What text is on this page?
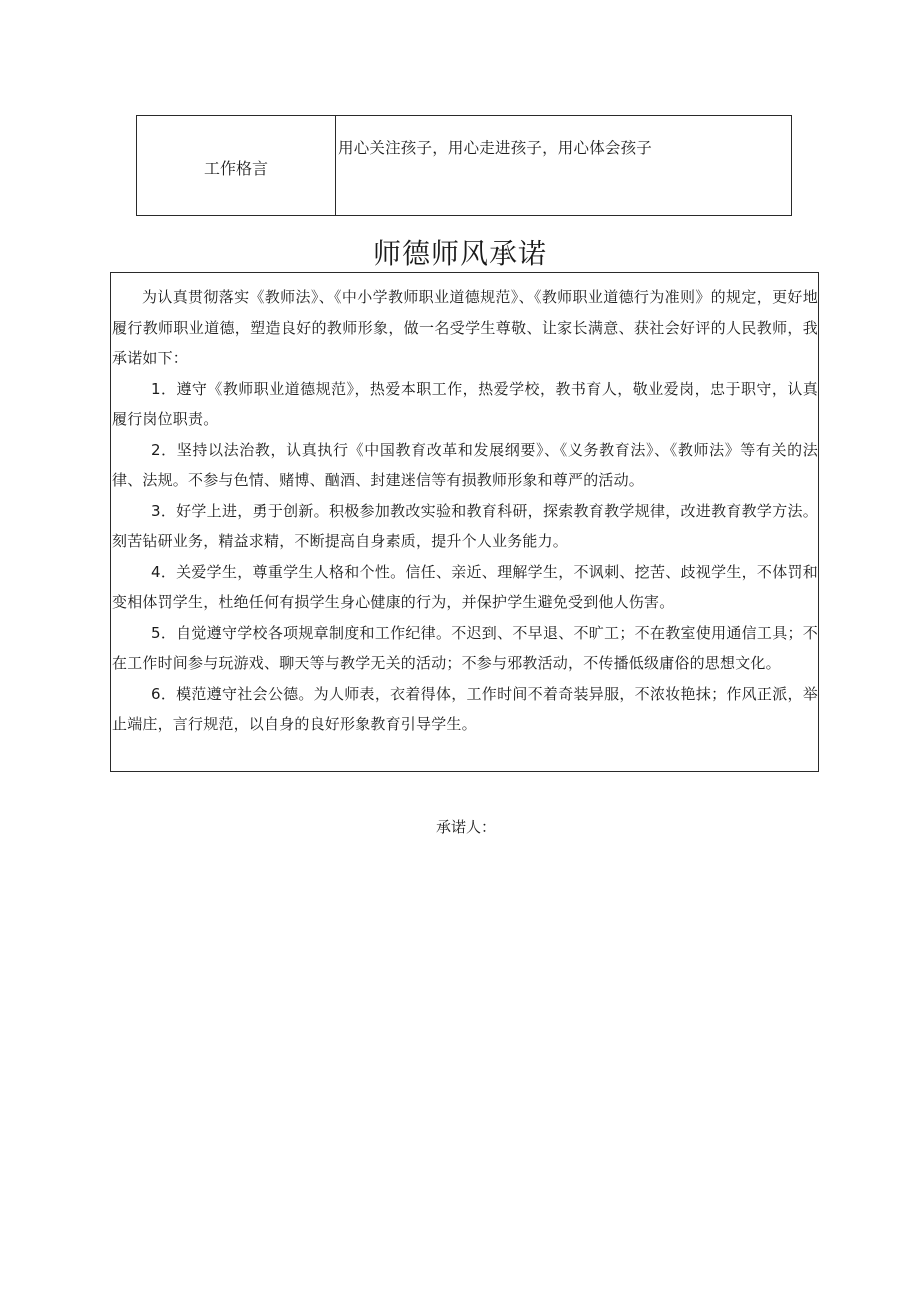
工作格言
用心关注孩子，用心走进孩子，用心体会孩子
师德师风承诺

为认真贯彻落实《教师法》、《中小学教师职业道德规范》、《教师职业道德行为准则》的规定，更好地履行教师职业道德，塑造良好的教师形象，做一名受学生尊敬、让家长满意、获社会好评的人民教师，我承诺如下：

1．遵守《教师职业道德规范》，热爱本职工作，热爱学校，教书育人，敬业爱岗，忠于职守，认真履行岗位职责。

2．坚持以法治教，认真执行《中国教育改革和发展纲要》、《义务教育法》、《教师法》等有关的法律、法规。不参与色情、赌博、酗酒、封建迷信等有损教师形象和尊严的活动。

3．好学上进，勇于创新。积极参加教改实验和教育科研，探索教育教学规律，改进教育教学方法。刻苦钻研业务，精益求精，不断提高自身素质，提升个人业务能力。

4．关爱学生，尊重学生人格和个性。信任、亲近、理解学生，不讽刺、挖苦、歧视学生，不体罚和变相体罚学生，杜绝任何有损学生身心健康的行为，并保护学生避免受到他人伤害。

5．自觉遵守学校各项规章制度和工作纪律。不迟到、不早退、不旷工；不在教室使用通信工具；不在工作时间参与玩游戏、聊天等与教学无关的活动；不参与邪教活动，不传播低级庸俗的思想文化。

6．模范遵守社会公德。为人师表，衣着得体，工作时间不着奇装异服，不浓妆艳抹；作风正派，举止端庄，言行规范，以自身的良好形象教育引导学生。

承诺人：
